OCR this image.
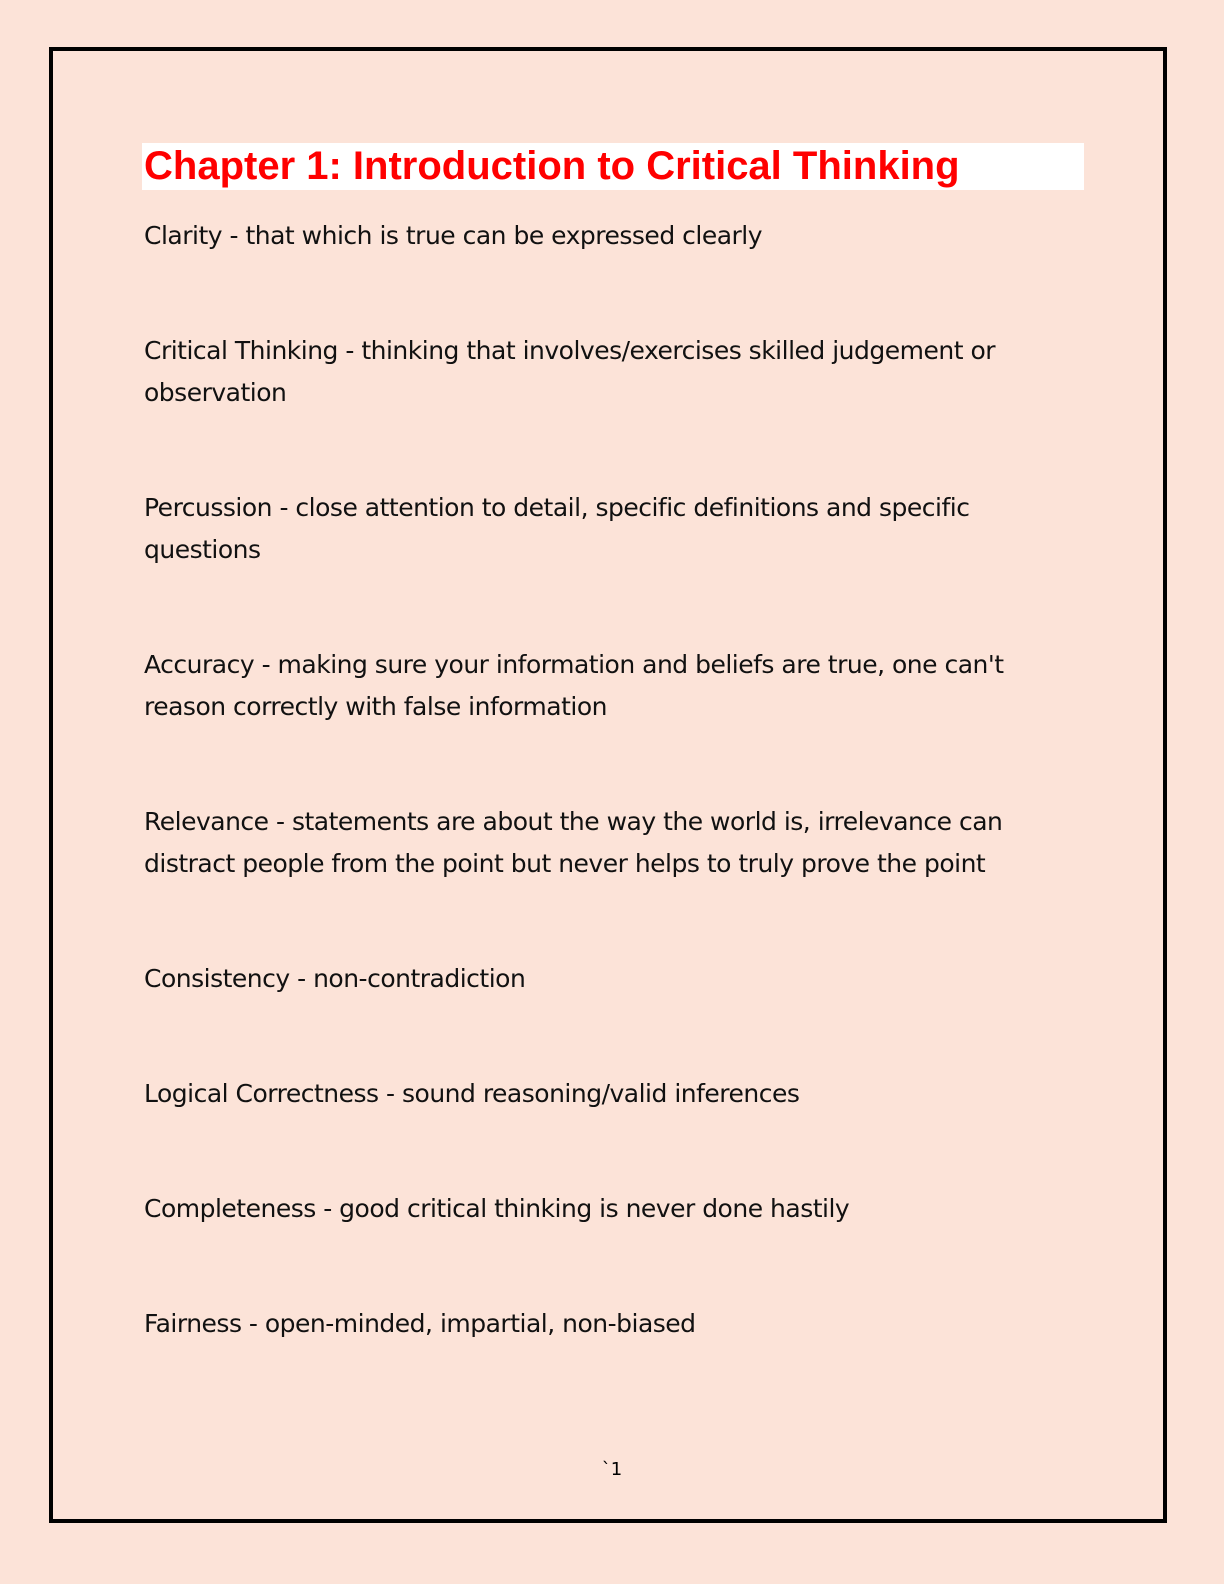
Chapter 1: Introduction to Critical Thinking

Clarity - that which is true can be expressed clearly

Critical Thinking - thinking that involves/exercises skilled judgement or observation

Percussion - close attention to detail, specific definitions and specific questions

Accuracy - making sure your information and beliefs are true, one can't reason correctly with false information

Relevance - statements are about the way the world is, irrelevance can distract people from the point but never helps to truly prove the point

Consistency - non-contradiction

Logical Correctness - sound reasoning/valid inferences

Completeness - good critical thinking is never done hastily

Fairness - open-minded, impartial, non-biased

`1
